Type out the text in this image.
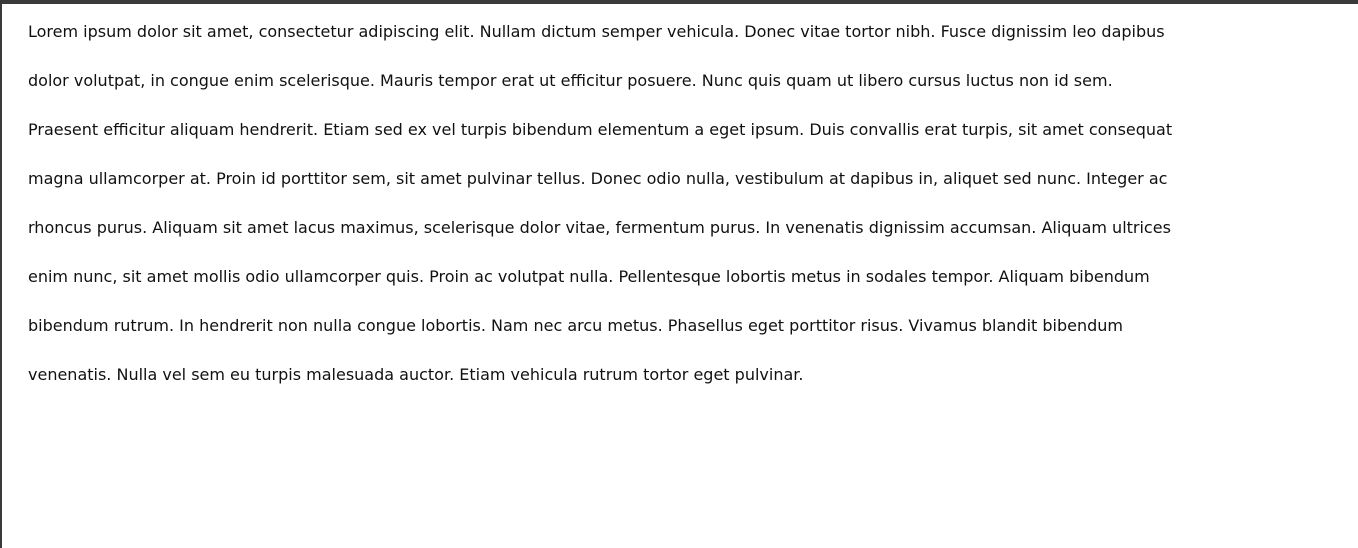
Lorem ipsum dolor sit amet, consectetur adipiscing elit. Nullam dictum semper vehicula. Donec vitae tortor nibh. Fusce dignissim leo dapibus
dolor volutpat, in congue enim scelerisque. Mauris tempor erat ut efficitur posuere. Nunc quis quam ut libero cursus luctus non id sem.
Praesent efficitur aliquam hendrerit. Etiam sed ex vel turpis bibendum elementum a eget ipsum. Duis convallis erat turpis, sit amet consequat
magna ullamcorper at. Proin id porttitor sem, sit amet pulvinar tellus. Donec odio nulla, vestibulum at dapibus in, aliquet sed nunc. Integer ac
rhoncus purus. Aliquam sit amet lacus maximus, scelerisque dolor vitae, fermentum purus. In venenatis dignissim accumsan. Aliquam ultrices
enim nunc, sit amet mollis odio ullamcorper quis. Proin ac volutpat nulla. Pellentesque lobortis metus in sodales tempor. Aliquam bibendum
bibendum rutrum. In hendrerit non nulla congue lobortis. Nam nec arcu metus. Phasellus eget porttitor risus. Vivamus blandit bibendum
venenatis. Nulla vel sem eu turpis malesuada auctor. Etiam vehicula rutrum tortor eget pulvinar.
